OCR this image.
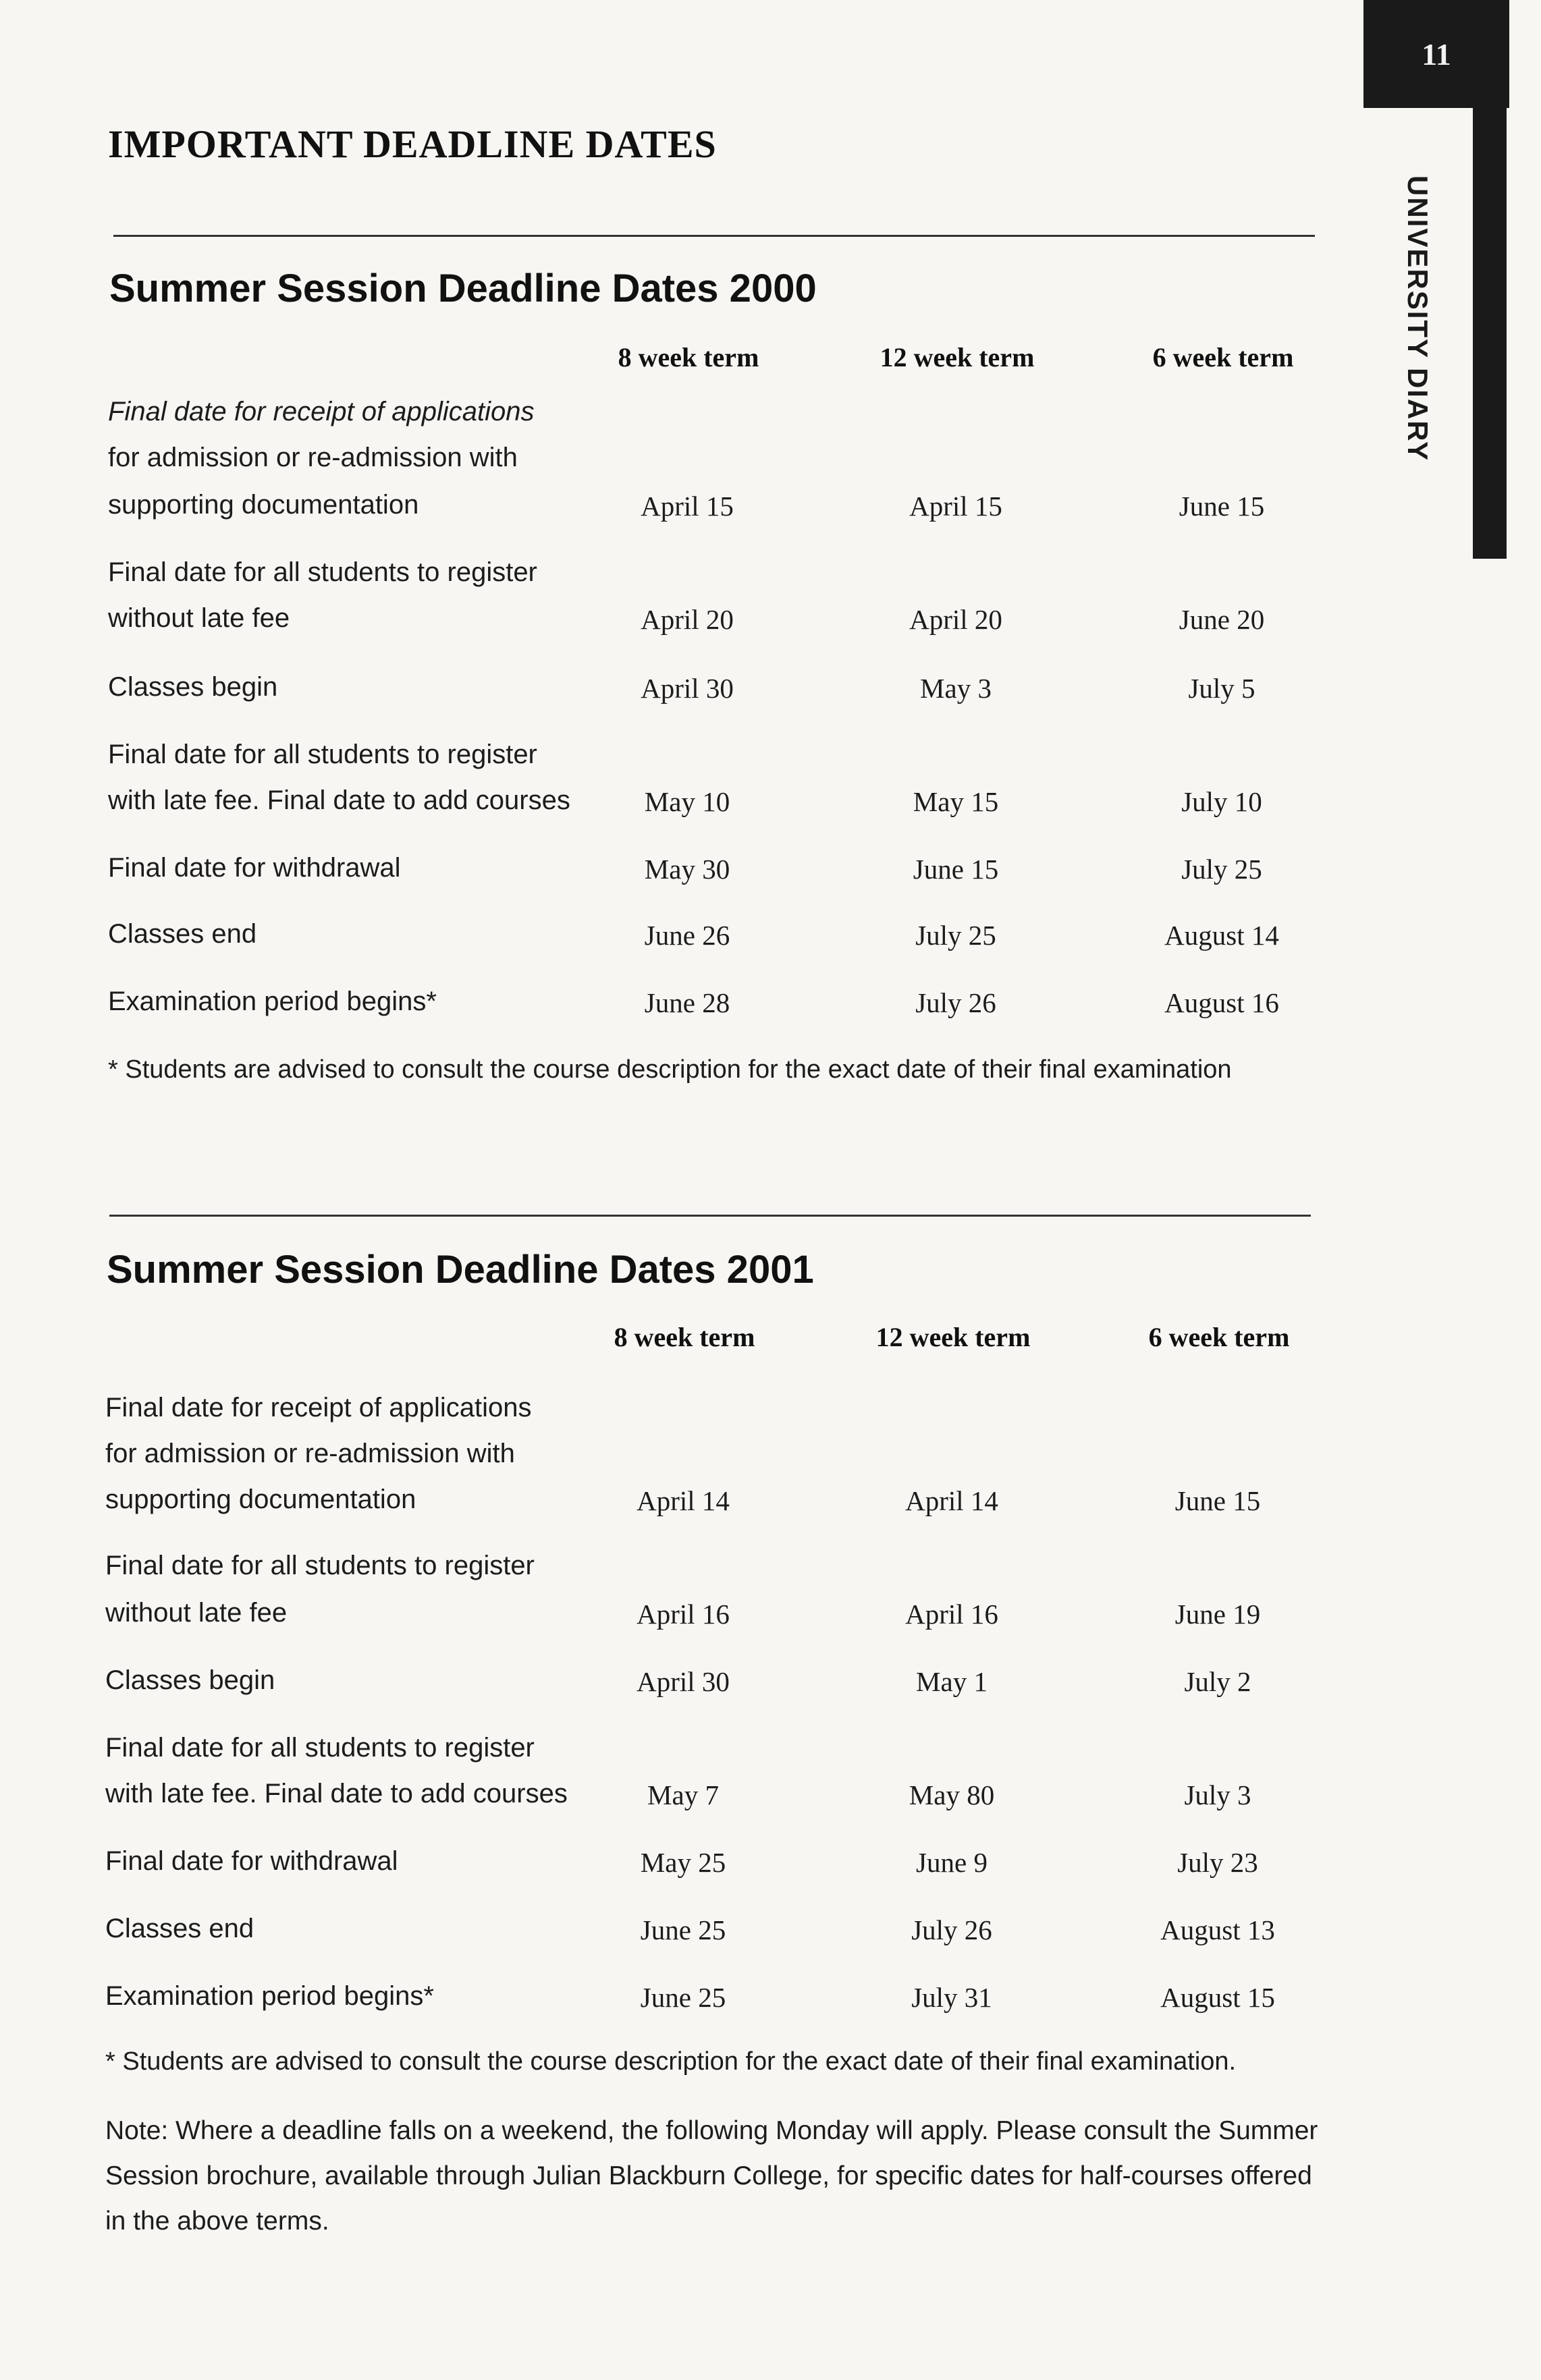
11
UNIVERSITY DIARY
IMPORTANT DEADLINE DATES
Summer Session Deadline Dates 2000
8 week term	12 week term	6 week term
Final date for receipt of applications
for admission or re-admission with
supporting documentation	April 15	April 15	June 15
Final date for all students to register
without late fee	April 20	April 20	June 20
Classes begin	April 30	May 3	July 5
Final date for all students to register
with late fee. Final date to add courses	May 10	May 15	July 10
Final date for withdrawal	May 30	June 15	July 25
Classes end	June 26	July 25	August 14
Examination period begins*	June 28	July 26	August 16
* Students are advised to consult the course description for the exact date of their final examination
Summer Session Deadline Dates 2001
8 week term	12 week term	6 week term
Final date for receipt of applications
for admission or re-admission with
supporting documentation	April 14	April 14	June 15
Final date for all students to register
without late fee	April 16	April 16	June 19
Classes begin	April 30	May 1	July 2
Final date for all students to register
with late fee. Final date to add courses	May 7	May 80	July 3
Final date for withdrawal	May 25	June 9	July 23
Classes end	June 25	July 26	August 13
Examination period begins*	June 25	July 31	August 15
* Students are advised to consult the course description for the exact date of their final examination.
Note: Where a deadline falls on a weekend, the following Monday will apply. Please consult the Summer Session brochure, available through Julian Blackburn College, for specific dates for half-courses offered in the above terms.
